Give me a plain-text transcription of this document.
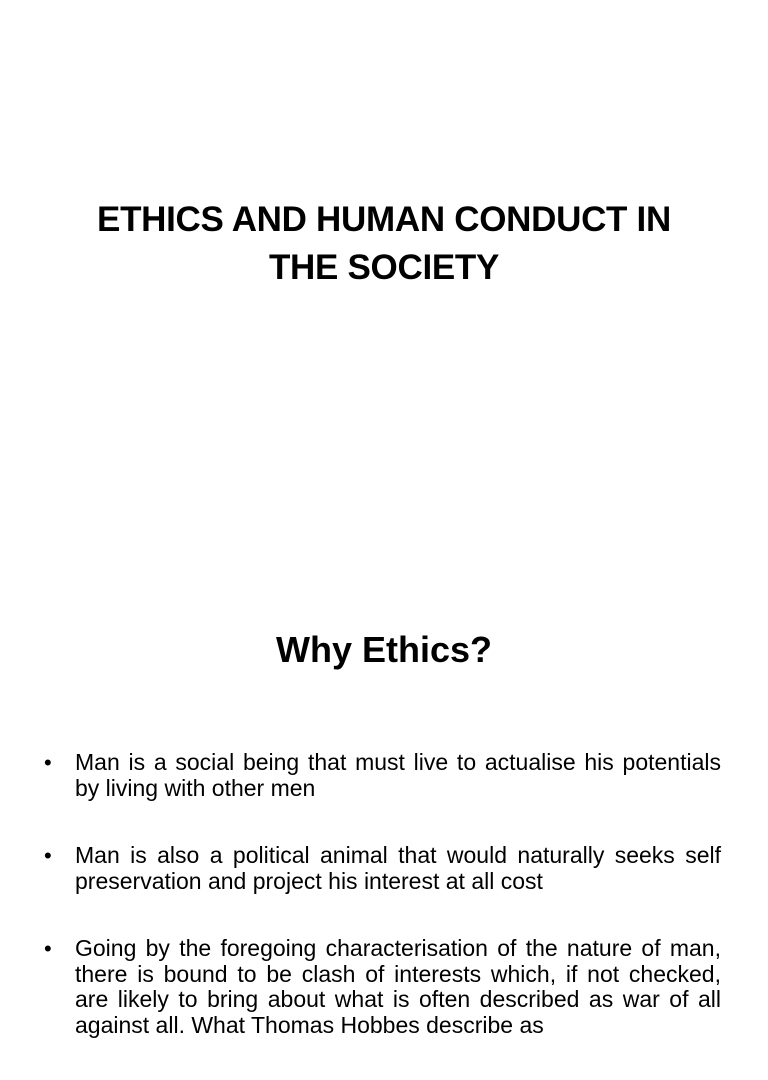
ETHICS AND HUMAN CONDUCT IN THE SOCIETY
Why Ethics?
• Man is a social being that must live to actualise his potentials by living with other men
• Man is also a political animal that would naturally seeks self preservation and project his interest at all cost
• Going by the foregoing characterisation of the nature of man, there is bound to be clash of interests which, if not checked, are likely to bring about what is often described as war of all against all. What Thomas Hobbes describe as
